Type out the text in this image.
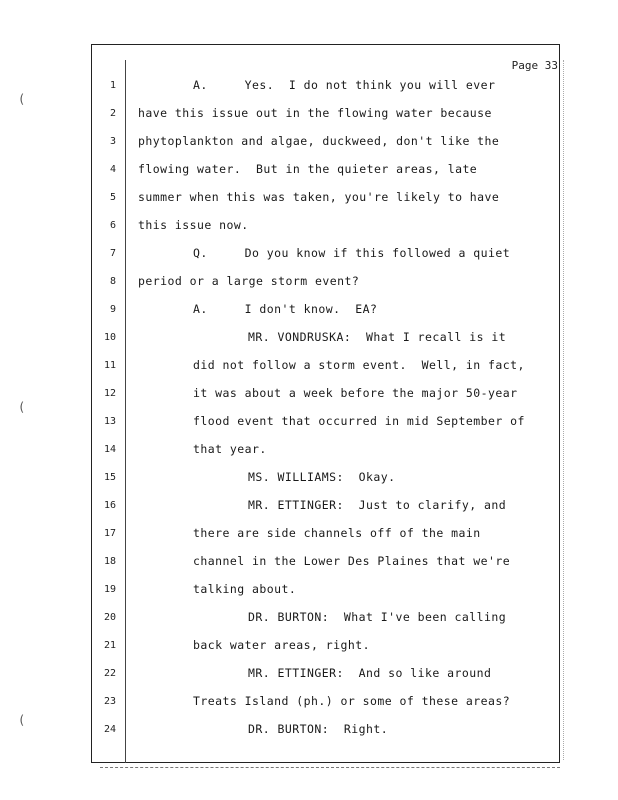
(
(
(
Page 33
1	A.     Yes.  I do not think you will ever
2 have this issue out in the flowing water because
3 phytoplankton and algae, duckweed, don't like the
4 flowing water.  But in the quieter areas, late
5 summer when this was taken, you're likely to have
6 this issue now.
7	Q.     Do you know if this followed a quiet
8 period or a large storm event?
9	A.     I don't know.  EA?
10	MR. VONDRUSKA:  What I recall is it
11	did not follow a storm event.  Well, in fact,
12	it was about a week before the major 50-year
13	flood event that occurred in mid September of
14	that year.
15	MS. WILLIAMS:  Okay.
16	MR. ETTINGER:  Just to clarify, and
17	there are side channels off of the main
18	channel in the Lower Des Plaines that we're
19	talking about.
20	DR. BURTON:  What I've been calling
21	back water areas, right.
22	MR. ETTINGER:  And so like around
23	Treats Island (ph.) or some of these areas?
24	DR. BURTON:  Right.
